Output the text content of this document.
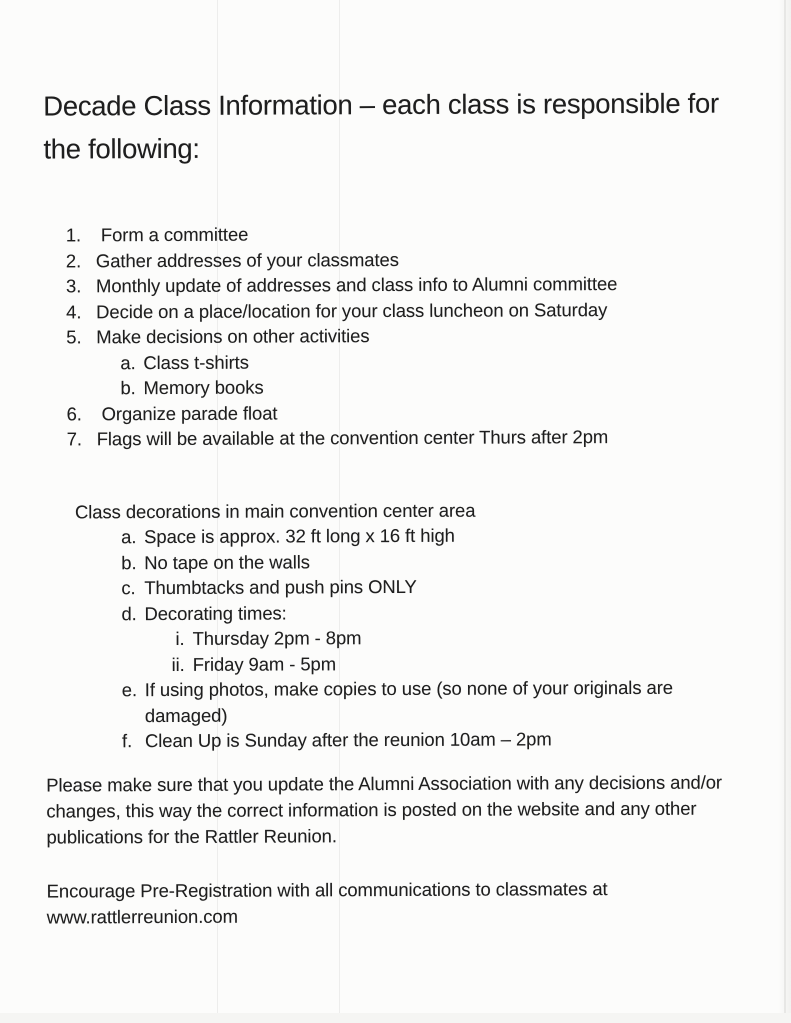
Decade Class Information – each class is responsible for
the following:
1. Form a committee
2. Gather addresses of your classmates
3. Monthly update of addresses and class info to Alumni committee
4. Decide on a place/location for your class luncheon on Saturday
5. Make decisions on other activities
a. Class t-shirts
b. Memory books
6. Organize parade float
7. Flags will be available at the convention center Thurs after 2pm
Class decorations in main convention center area
a. Space is approx. 32 ft long x 16 ft high
b. No tape on the walls
c. Thumbtacks and push pins ONLY
d. Decorating times:
i. Thursday 2pm - 8pm
ii. Friday 9am - 5pm
e. If using photos, make copies to use (so none of your originals are damaged)
f. Clean Up is Sunday after the reunion 10am – 2pm

Please make sure that you update the Alumni Association with any decisions and/or changes, this way the correct information is posted on the website and any other publications for the Rattler Reunion.

Encourage Pre-Registration with all communications to classmates at www.rattlerreunion.com
